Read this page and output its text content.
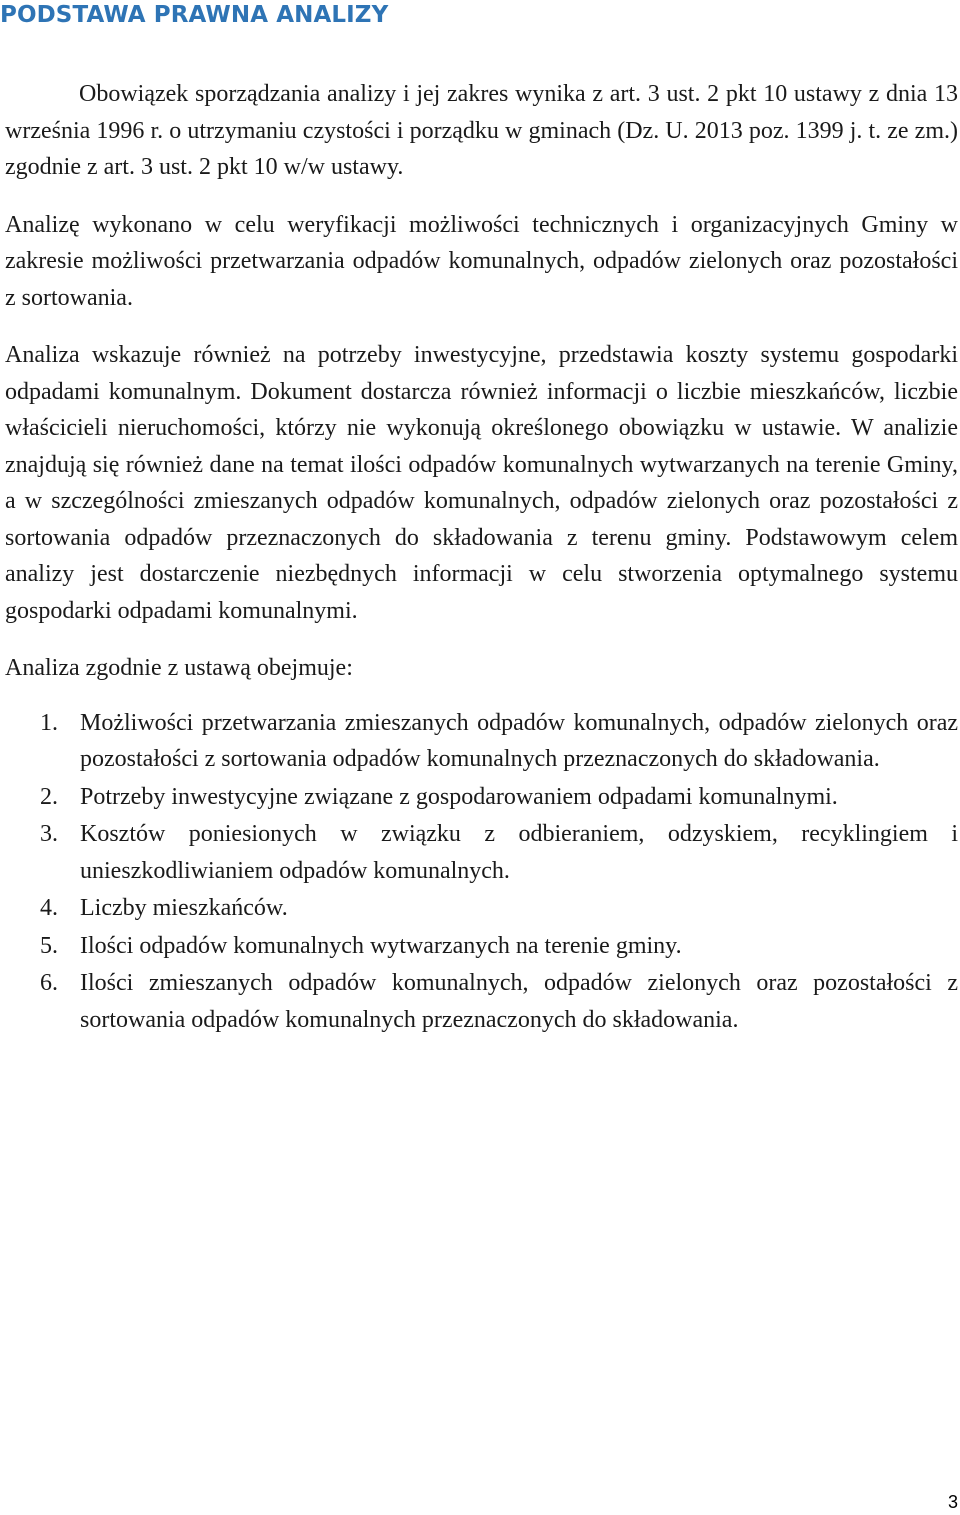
PODSTAWA PRAWNA ANALIZY

Obowiązek sporządzania analizy i jej zakres wynika z art. 3 ust. 2 pkt 10 ustawy z dnia 13 września 1996 r. o utrzymaniu czystości i porządku w gminach (Dz. U. 2013 poz. 1399 j. t. ze zm.) zgodnie z art. 3 ust. 2 pkt 10 w/w ustawy.

Analizę wykonano w celu weryfikacji możliwości technicznych i organizacyjnych Gminy w zakresie możliwości przetwarzania odpadów komunalnych, odpadów zielonych oraz pozostałości z sortowania.

Analiza wskazuje również na potrzeby inwestycyjne, przedstawia koszty systemu gospodarki odpadami komunalnym. Dokument dostarcza również informacji o liczbie mieszkańców, liczbie właścicieli nieruchomości, którzy nie wykonują określonego obowiązku w ustawie. W analizie znajdują się również dane na temat ilości odpadów komunalnych wytwarzanych na terenie Gminy, a w szczególności zmieszanych odpadów komunalnych, odpadów zielonych oraz pozostałości z sortowania odpadów przeznaczonych do składowania z terenu gminy. Podstawowym celem analizy jest dostarczenie niezbędnych informacji w celu stworzenia optymalnego systemu gospodarki odpadami komunalnymi.

Analiza zgodnie z ustawą obejmuje:

1. Możliwości przetwarzania zmieszanych odpadów komunalnych, odpadów zielonych oraz pozostałości z sortowania odpadów komunalnych przeznaczonych do składowania.
2. Potrzeby inwestycyjne związane z gospodarowaniem odpadami komunalnymi.
3. Kosztów poniesionych w związku z odbieraniem, odzyskiem, recyklingiem i unieszkodliwianiem odpadów komunalnych.
4. Liczby mieszkańców.
5. Ilości odpadów komunalnych wytwarzanych na terenie gminy.
6. Ilości zmieszanych odpadów komunalnych, odpadów zielonych oraz pozostałości z sortowania odpadów komunalnych przeznaczonych do składowania.
3
